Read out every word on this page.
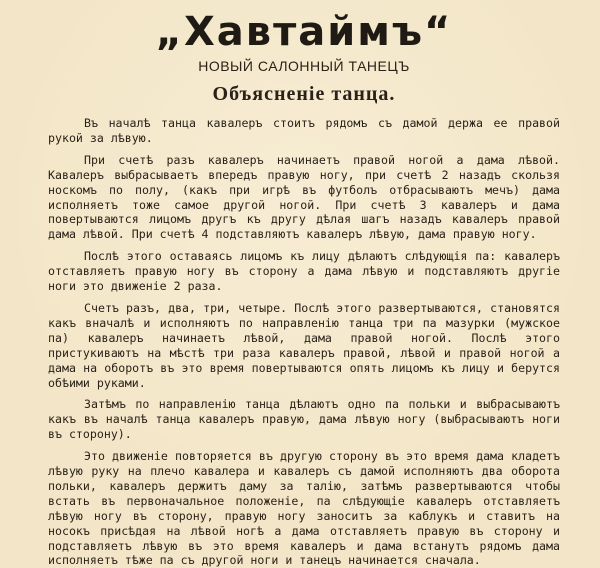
„Хавтаймъ“
НОВЫЙ САЛОННЫЙ ТАНЕЦЪ
Объясненіе танца.

Въ началѣ танца кавалеръ стоитъ рядомъ съ дамой держа ее правой рукой за лѣвую.

При счетѣ разъ кавалеръ начинаетъ правой ногой а дама лѣвой. Кавалеръ выбрасываетъ впередъ правую ногу, при счетѣ 2 назадъ скользя носкомъ по полу, (какъ при игрѣ въ футболъ отбрасываютъ мечъ) дама исполняетъ тоже самое другой ногой. При счетѣ 3 кавалеръ и дама повертываются лицомъ другъ къ другу дѣлая шагъ назадъ кавалеръ правой дама лѣвой. При счетѣ 4 подставляютъ кавалеръ лѣвую, дама правую ногу.

Послѣ этого оставаясь лицомъ къ лицу дѣлаютъ слѣдующія па: кавалеръ отставляетъ правую ногу въ сторону а дама лѣвую и подставляютъ другіе ноги это движеніе 2 раза.

Счетъ разъ, два, три, четыре. Послѣ этого развертываются, становятся какъ вначалѣ и исполняютъ по направленію танца три па мазурки (мужское па) кавалеръ начинаетъ лѣвой, дама правой ногой. Послѣ этого пристукиваютъ на мѣстѣ три раза кавалеръ правой, лѣвой и правой ногой а дама на оборотъ въ это время повертываются опять лицомъ къ лицу и берутся обѣими руками.

Затѣмъ по направленію танца дѣлаютъ одно па польки и выбрасываютъ какъ въ началѣ танца кавалеръ правую, дама лѣвую ногу (выбрасываютъ ноги въ сторону).

Это движеніе повторяется въ другую сторону въ это время дама кладетъ лѣвую руку на плечо кавалера и кавалеръ съ дамой исполняютъ два оборота польки, кавалеръ держитъ даму за талію, затѣмъ развертываются чтобы встать въ первоначальное положеніе, па слѣдующіе кавалеръ отставляетъ лѣвую ногу въ сторону, правую ногу заноситъ за каблукъ и ставитъ на носокъ присѣдая на лѣвой ногѣ а дама отставляетъ правую въ сторону и подставляетъ лѣвую въ это время кавалеръ и дама встанутъ рядомъ дама исполняетъ тѣже па съ другой ноги и танецъ начинается сначала.
